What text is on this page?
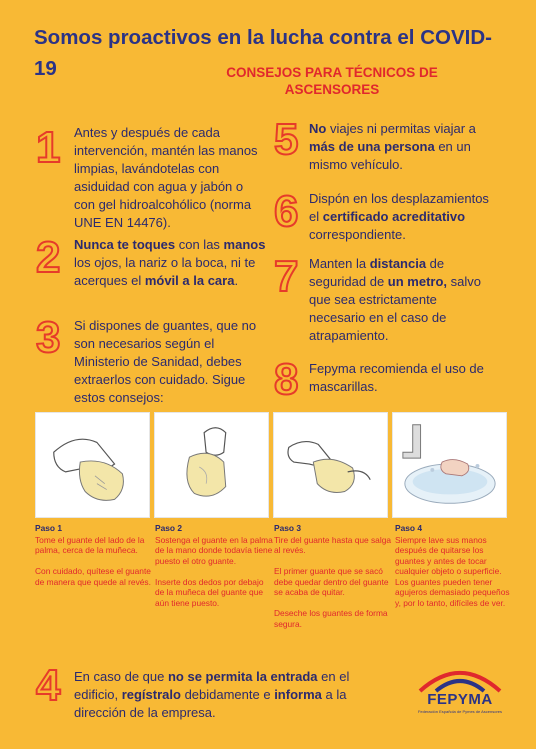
Somos proactivos en la lucha contra el COVID-19	CONSEJOS PARA TÉCNICOS DE ASCENSORES
1
2
3
5
6
7
8
4
Antes y después de cada intervención, mantén las manos limpias, lavándotelas con asiduidad con agua y jabón o con gel hidroalcohólico (norma UNE EN 14476).
Nunca te toques con las manos los ojos, la nariz o la boca, ni te acerques el móvil a la cara.
Si dispones de guantes, que no son necesarios según el Ministerio de Sanidad, debes extraerlos con cuidado. Sigue estos consejos:
No viajes ni permitas viajar a más de una persona en un mismo vehículo.
Dispón en los desplazamientos el certificado acreditativo correspondiente.
Manten la distancia de seguridad de un metro, salvo que sea estrictamente necesario en el caso de atrapamiento.
Fepyma recomienda el uso de mascarillas.
En caso de que no se permita la entrada en el edificio, regístralo debidamente e informa a la dirección de la empresa.
Paso 1

Tome el guante del lado de la palma, cerca de la muñeca.

Con cuidado, quítese el guante de manera que quede al revés.

Paso 2

Sostenga el guante en la palma de la mano donde todavía tiene puesto el otro guante.

Inserte dos dedos por debajo de la muñeca del guante que aún tiene puesto.

Paso 3

Tire del guante hasta que salga al revés.

El primer guante que se sacó debe quedar dentro del guante se acaba de quitar.

Deseche los guantes de forma segura.

Paso 4

Siempre lave sus manos después de quitarse los guantes y antes de tocar cualquier objeto o superficie. Los guantes pueden tener agujeros demasiado pequeños y, por lo tanto, difíciles de ver.

FEPYMA
Federación Española de Pymes de Ascensores
